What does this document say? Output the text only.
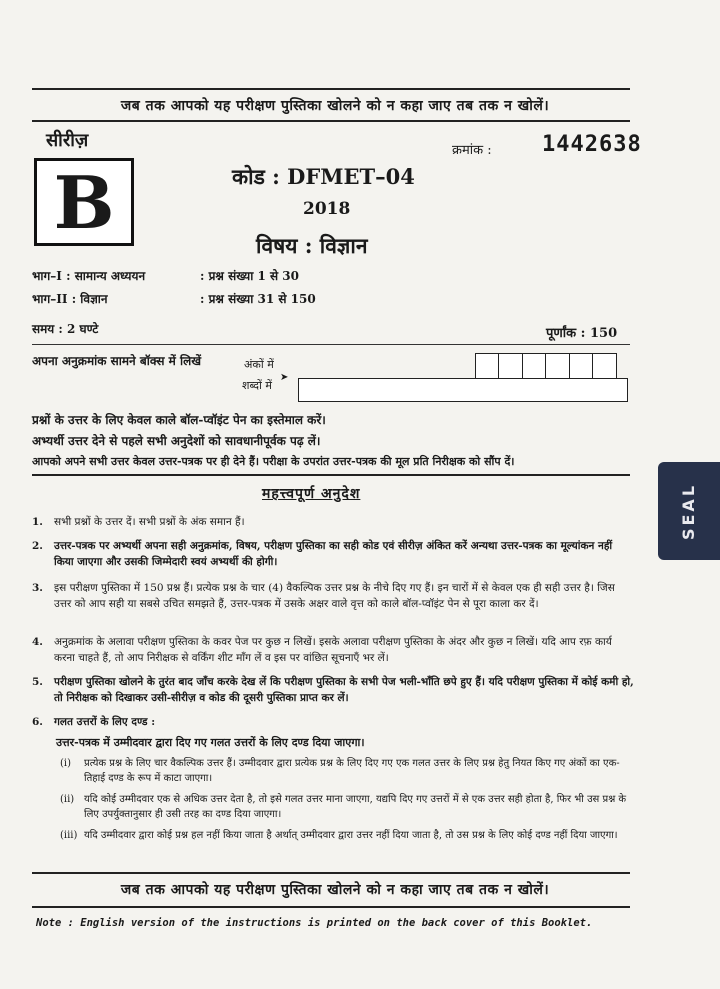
जब तक आपको यह परीक्षण पुस्तिका खोलने को न कहा जाए तब तक न खोलें।
सीरीज़
B
क्रमांक : 1442638
कोड : DFMET–04
2018
विषय : विज्ञान
भाग–I : सामान्य अध्ययन	: प्रश्न संख्या 1 से 30
भाग–II : विज्ञान	: प्रश्न संख्या 31 से 150
समय : 2 घण्टे	पूर्णांक : 150
अपना अनुक्रमांक सामने बॉक्स में लिखें	अंकों में
शब्दों में
➤
प्रश्नों के उत्तर के लिए केवल काले बॉल-प्वॉइंट पेन का इस्तेमाल करें।
अभ्यर्थी उत्तर देने से पहले सभी अनुदेशों को सावधानीपूर्वक पढ़ लें।
आपको अपने सभी उत्तर केवल उत्तर-पत्रक पर ही देने हैं। परीक्षा के उपरांत उत्तर-पत्रक की मूल प्रति निरीक्षक को सौंप दें।
महत्त्वपूर्ण अनुदेश
1. सभी प्रश्नों के उत्तर दें। सभी प्रश्नों के अंक समान हैं।
2. उत्तर-पत्रक पर अभ्यर्थी अपना सही अनुक्रमांक, विषय, परीक्षण पुस्तिका का सही कोड एवं सीरीज़ अंकित करें अन्यथा उत्तर-पत्रक का मूल्यांकन नहीं किया जाएगा और उसकी जिम्मेदारी स्वयं अभ्यर्थी की होगी।
3. इस परीक्षण पुस्तिका में 150 प्रश्न हैं। प्रत्येक प्रश्न के चार (4) वैकल्पिक उत्तर प्रश्न के नीचे दिए गए हैं। इन चारों में से केवल एक ही सही उत्तर है। जिस उत्तर को आप सही या सबसे उचित समझते हैं, उत्तर-पत्रक में उसके अक्षर वाले वृत्त को काले बॉल-प्वॉइंट पेन से पूरा काला कर दें।
4. अनुक्रमांक के अलावा परीक्षण पुस्तिका के कवर पेज पर कुछ न लिखें। इसके अलावा परीक्षण पुस्तिका के अंदर और कुछ न लिखें। यदि आप रफ़ कार्य करना चाहते हैं, तो आप निरीक्षक से वर्किंग शीट माँग लें व इस पर वांछित सूचनाएँ भर लें।
5. परीक्षण पुस्तिका खोलने के तुरंत बाद जाँच करके देख लें कि परीक्षण पुस्तिका के सभी पेज भली-भाँति छपे हुए हैं। यदि परीक्षण पुस्तिका में कोई कमी हो, तो निरीक्षक को दिखाकर उसी-सीरीज़ व कोड की दूसरी पुस्तिका प्राप्त कर लें।
6. गलत उत्तरों के लिए दण्ड :
उत्तर-पत्रक में उम्मीदवार द्वारा दिए गए गलत उत्तरों के लिए दण्ड दिया जाएगा।
(i) प्रत्येक प्रश्न के लिए चार वैकल्पिक उत्तर हैं। उम्मीदवार द्वारा प्रत्येक प्रश्न के लिए दिए गए एक गलत उत्तर के लिए प्रश्न हेतु नियत किए गए अंकों का एक-तिहाई दण्ड के रूप में काटा जाएगा।
(ii) यदि कोई उम्मीदवार एक से अधिक उत्तर देता है, तो इसे गलत उत्तर माना जाएगा, यद्यपि दिए गए उत्तरों में से एक उत्तर सही होता है, फिर भी उस प्रश्न के लिए उपर्युक्तानुसार ही उसी तरह का दण्ड दिया जाएगा।
(iii) यदि उम्मीदवार द्वारा कोई प्रश्न हल नहीं किया जाता है अर्थात् उम्मीदवार द्वारा उत्तर नहीं दिया जाता है, तो उस प्रश्न के लिए कोई दण्ड नहीं दिया जाएगा।
जब तक आपको यह परीक्षण पुस्तिका खोलने को न कहा जाए तब तक न खोलें।
Note : English version of the instructions is printed on the back cover of this Booklet.
SEAL
